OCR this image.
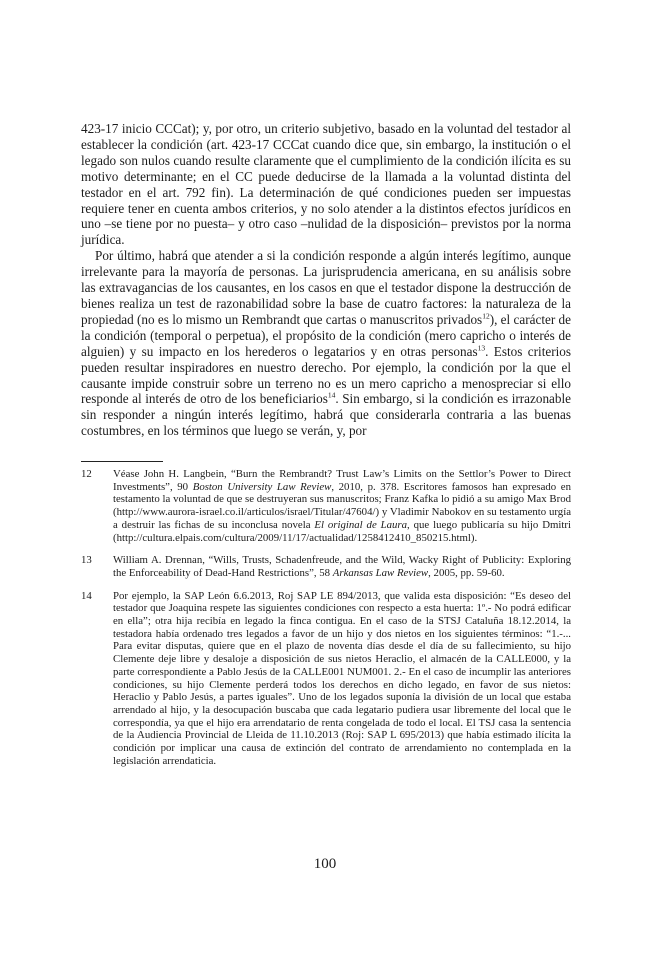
423-17 inicio CCCat); y, por otro, un criterio subjetivo, basado en la voluntad del testador al establecer la condición (art. 423-17 CCCat cuando dice que, sin embargo, la institución o el legado son nulos cuando resulte claramente que el cumplimiento de la condición ilícita es su motivo determinante; en el CC puede deducirse de la llamada a la voluntad distinta del testador en el art. 792 fin). La determinación de qué condiciones pueden ser impuestas requiere tener en cuenta ambos criterios, y no solo atender a la distintos efectos jurídicos en uno –se tiene por no puesta– y otro caso –nulidad de la disposición– previstos por la norma jurídica.

Por último, habrá que atender a si la condición responde a algún interés legítimo, aunque irrelevante para la mayoría de personas. La jurisprudencia americana, en su análisis sobre las extravagancias de los causantes, en los casos en que el testador dispone la destrucción de bienes realiza un test de razonabilidad sobre la base de cuatro factores: la naturaleza de la propiedad (no es lo mismo un Rembrandt que cartas o manuscritos privados$^{12}$), el carácter de la condición (temporal o perpetua), el propósito de la condición (mero capricho o interés de alguien) y su impacto en los herederos o legatarios y en otras personas$^{13}$. Estos criterios pueden resultar inspiradores en nuestro derecho. Por ejemplo, la condición por la que el causante impide construir sobre un terreno no es un mero capricho a menospreciar si ello responde al interés de otro de los beneficiarios$^{14}$. Sin embargo, si la condición es irrazonable sin responder a ningún interés legítimo, habrá que considerarla contraria a las buenas costumbres, en los términos que luego se verán, y, por

12	Véase John H. Langbein, “Burn the Rembrandt? Trust Law’s Limits on the Settlor’s Power to Direct Investments”, 90 Boston University Law Review, 2010, p. 378. Escritores famosos han expresado en testamento la voluntad de que se destruyeran sus manuscritos; Franz Kafka lo pidió a su amigo Max Brod (http://www.aurora-israel.co.il/articulos/israel/Titular/47604/) y Vladimir Nabokov en su testamento urgía a destruir las fichas de su inconclusa novela El original de Laura, que luego publicaría su hijo Dmitri (http://cultura.elpais.com/cultura/2009/11/17/actualidad/1258412410_850215.html).
13	William A. Drennan, “Wills, Trusts, Schadenfreude, and the Wild, Wacky Right of Publicity: Exploring the Enforceability of Dead-Hand Restrictions”, 58 Arkansas Law Review, 2005, pp. 59-60.
14	Por ejemplo, la SAP León 6.6.2013, Roj SAP LE 894/2013, que valida esta disposición: “Es deseo del testador que Joaquina respete las siguientes condiciones con respecto a esta huerta: 1º.- No podrá edificar en ella”; otra hija recibía en legado la finca contigua. En el caso de la STSJ Cataluña 18.12.2014, la testadora había ordenado tres legados a favor de un hijo y dos nietos en los siguientes términos: “1.-... Para evitar disputas, quiere que en el plazo de noventa días desde el día de su fallecimiento, su hijo Clemente deje libre y desaloje a disposición de sus nietos Heraclio, el almacén de la CALLE000, y la parte correspondiente a Pablo Jesús de la CALLE001 NUM001. 2.- En el caso de incumplir las anteriores condiciones, su hijo Clemente perderá todos los derechos en dicho legado, en favor de sus nietos: Heraclio y Pablo Jesús, a partes iguales”. Uno de los legados suponía la división de un local que estaba arrendado al hijo, y la desocupación buscaba que cada legatario pudiera usar libremente del local que le correspondía, ya que el hijo era arrendatario de renta congelada de todo el local. El TSJ casa la sentencia de la Audiencia Provincial de Lleida de 11.10.2013 (Roj: SAP L 695/2013) que había estimado ilícita la condición por implicar una causa de extinción del contrato de arrendamiento no contemplada en la legislación arrendaticia.
100
